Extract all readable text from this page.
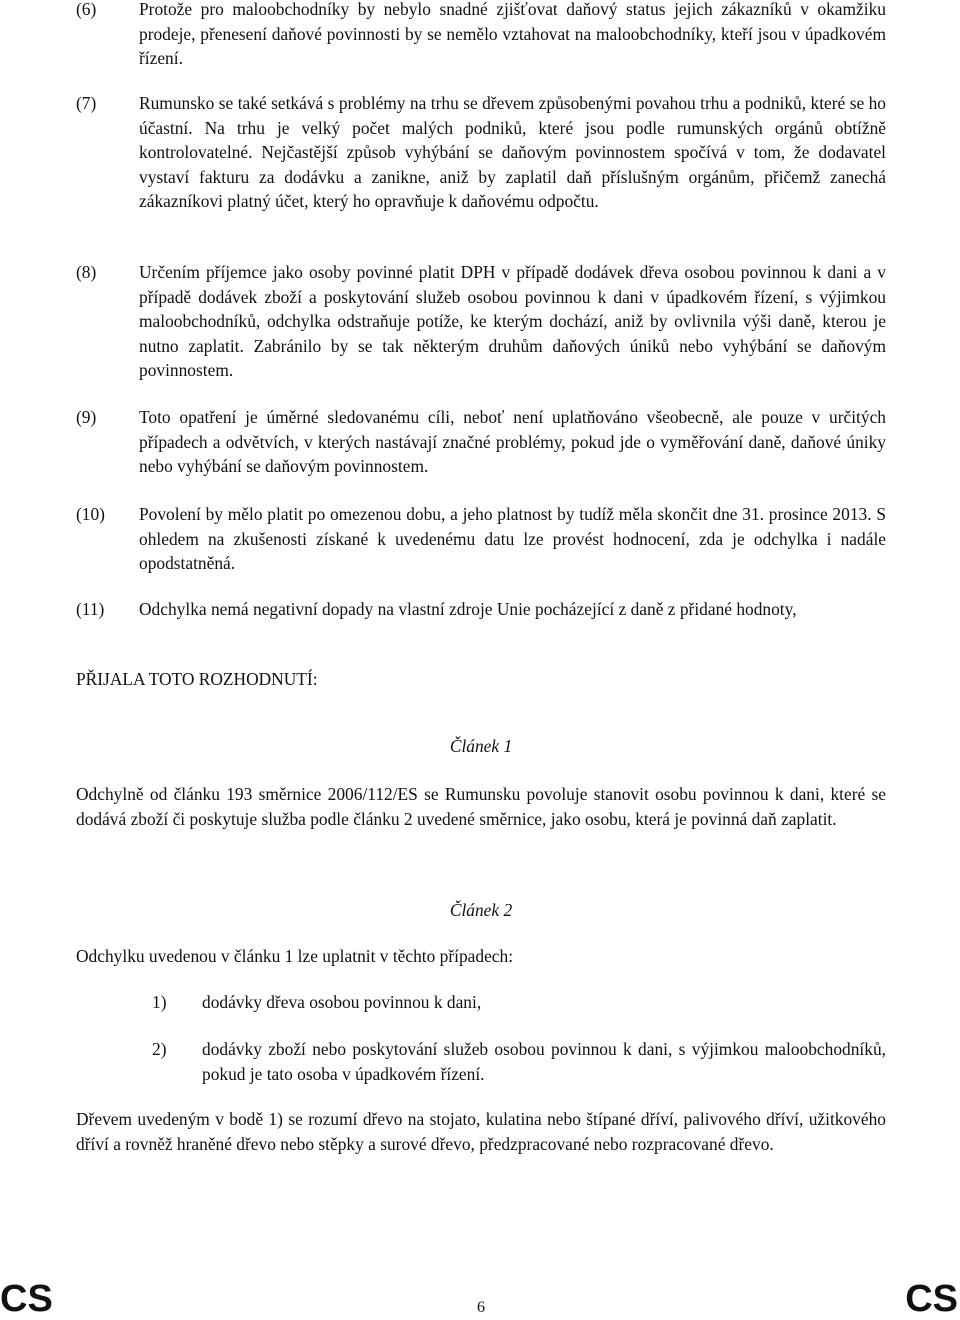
(6)	Protože pro maloobchodníky by nebylo snadné zjišťovat daňový status jejich zákazníků v okamžiku prodeje, přenesení daňové povinnosti by se nemělo vztahovat na maloobchodníky, kteří jsou v úpadkovém řízení.
(7)	Rumunsko se také setkává s problémy na trhu se dřevem způsobenými povahou trhu a podniků, které se ho účastní. Na trhu je velký počet malých podniků, které jsou podle rumunských orgánů obtížně kontrolovatelné. Nejčastější způsob vyhýbání se daňovým povinnostem spočívá v tom, že dodavatel vystaví fakturu za dodávku a zanikne, aniž by zaplatil daň příslušným orgánům, přičemž zanechá zákazníkovi platný účet, který ho opravňuje k daňovému odpočtu.
(8)	Určením příjemce jako osoby povinné platit DPH v případě dodávek dřeva osobou povinnou k dani a v případě dodávek zboží a poskytování služeb osobou povinnou k dani v úpadkovém řízení, s výjimkou maloobchodníků, odchylka odstraňuje potíže, ke kterým dochází, aniž by ovlivnila výši daně, kterou je nutno zaplatit. Zabránilo by se tak některým druhům daňových úniků nebo vyhýbání se daňovým povinnostem.
(9)	Toto opatření je úměrné sledovanému cíli, neboť není uplatňováno všeobecně, ale pouze v určitých případech a odvětvích, v kterých nastávají značné problémy, pokud jde o vyměřování daně, daňové úniky nebo vyhýbání se daňovým povinnostem.
(10)	Povolení by mělo platit po omezenou dobu, a jeho platnost by tudíž měla skončit dne 31. prosince 2013. S ohledem na zkušenosti získané k uvedenému datu lze provést hodnocení, zda je odchylka i nadále opodstatněná.
(11)	Odchylka nemá negativní dopady na vlastní zdroje Unie pocházející z daně z přidané hodnoty,
PŘIJALA TOTO ROZHODNUTÍ:
Článek 1
Odchylně od článku 193 směrnice 2006/112/ES se Rumunsku povoluje stanovit osobu povinnou k dani, které se dodává zboží či poskytuje služba podle článku 2 uvedené směrnice, jako osobu, která je povinná daň zaplatit.
Článek 2
Odchylku uvedenou v článku 1 lze uplatnit v těchto případech:
1)	dodávky dřeva osobou povinnou k dani,
2)	dodávky zboží nebo poskytování služeb osobou povinnou k dani, s výjimkou maloobchodníků, pokud je tato osoba v úpadkovém řízení.
Dřevem uvedeným v bodě 1) se rozumí dřevo na stojato, kulatina nebo štípané dříví, palivového dříví, užitkového dříví a rovněž hraněné dřevo nebo stěpky a surové dřevo, předzpracované nebo rozpracované dřevo.
CS	6	CS
